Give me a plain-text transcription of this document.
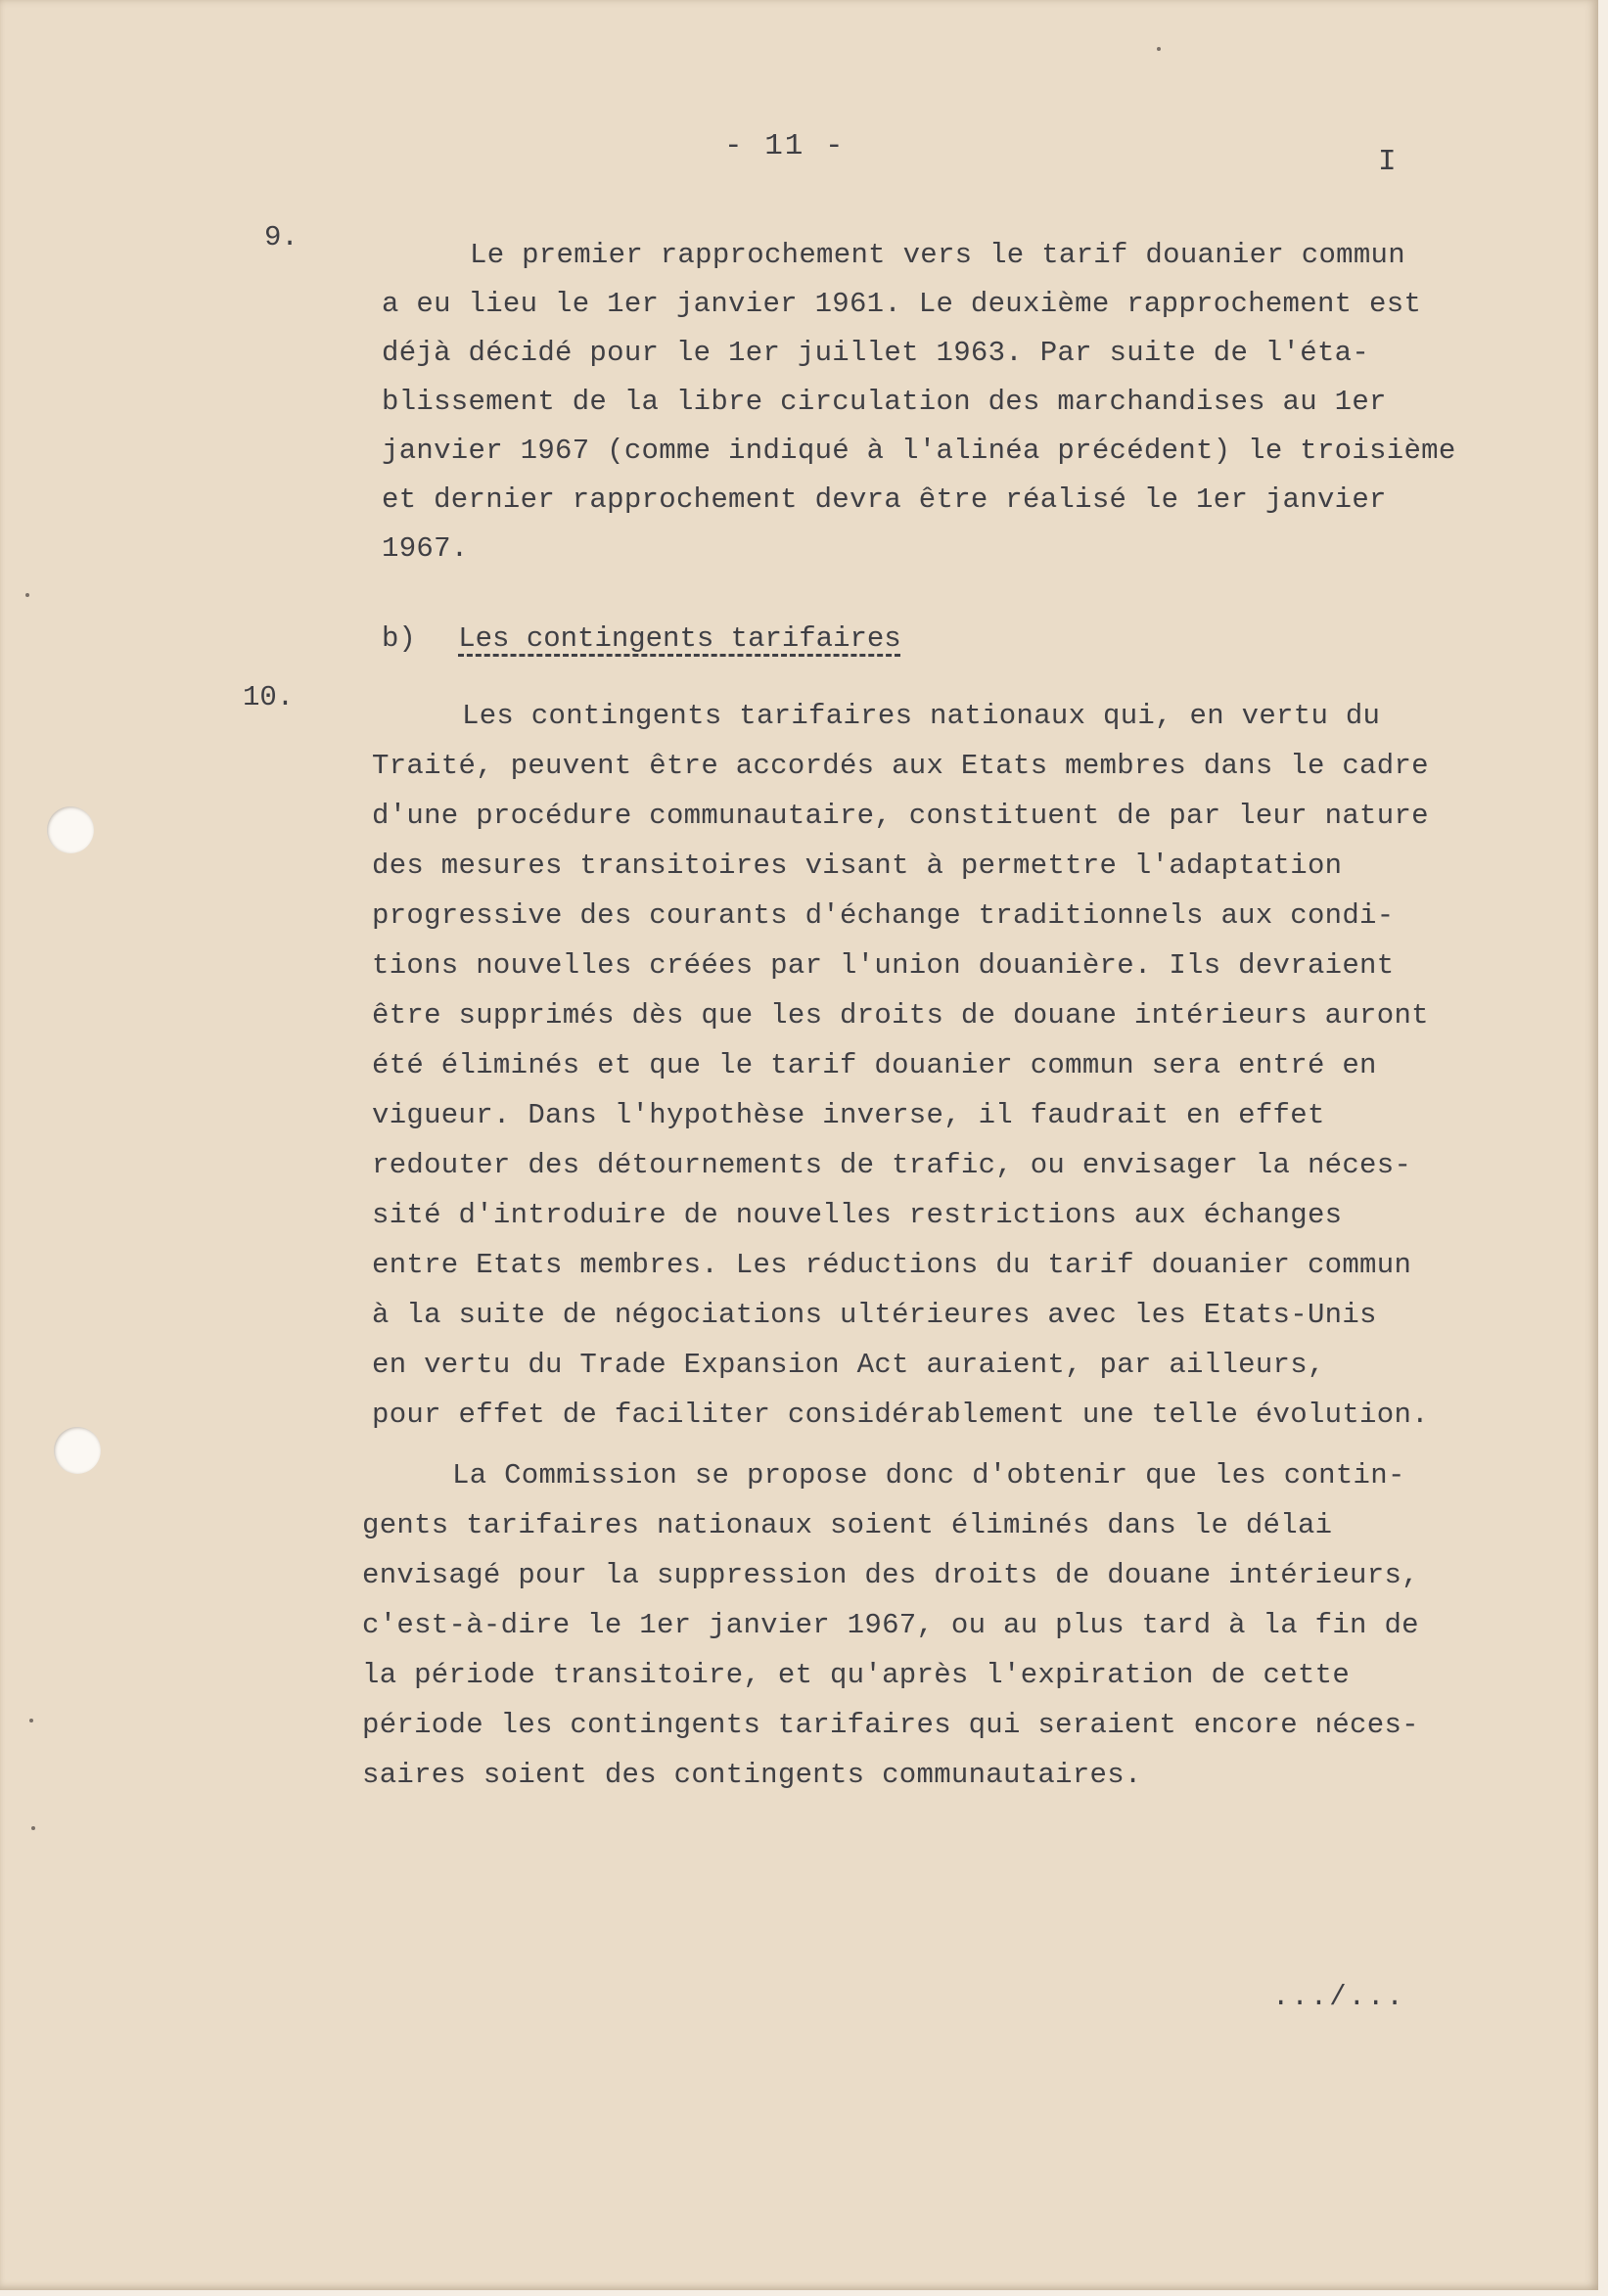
- 11 -	I
9.
Le premier rapprochement vers le tarif douanier commun
a eu lieu le 1er janvier 1961. Le deuxième rapprochement est
déjà décidé pour le 1er juillet 1963. Par suite de l'éta-
blissement de la libre circulation des marchandises au 1er
janvier 1967 (comme indiqué à l'alinéa précédent) le troisième
et dernier rapprochement devra être réalisé le 1er janvier
1967.
b) Les contingents tarifaires
10.
Les contingents tarifaires nationaux qui, en vertu du
Traité, peuvent être accordés aux Etats membres dans le cadre
d'une procédure communautaire, constituent de par leur nature
des mesures transitoires visant à permettre l'adaptation
progressive des courants d'échange traditionnels aux condi-
tions nouvelles créées par l'union douanière. Ils devraient
être supprimés dès que les droits de douane intérieurs auront
été éliminés et que le tarif douanier commun sera entré en
vigueur. Dans l'hypothèse inverse, il faudrait en effet
redouter des détournements de trafic, ou envisager la néces-
sité d'introduire de nouvelles restrictions aux échanges
entre Etats membres. Les réductions du tarif douanier commun
à la suite de négociations ultérieures avec les Etats-Unis
en vertu du Trade Expansion Act auraient, par ailleurs,
pour effet de faciliter considérablement une telle évolution.
La Commission se propose donc d'obtenir que les contin-
gents tarifaires nationaux soient éliminés dans le délai
envisagé pour la suppression des droits de douane intérieurs,
c'est-à-dire le 1er janvier 1967, ou au plus tard à la fin de
la période transitoire, et qu'après l'expiration de cette
période les contingents tarifaires qui seraient encore néces-
saires soient des contingents communautaires.
.../...
